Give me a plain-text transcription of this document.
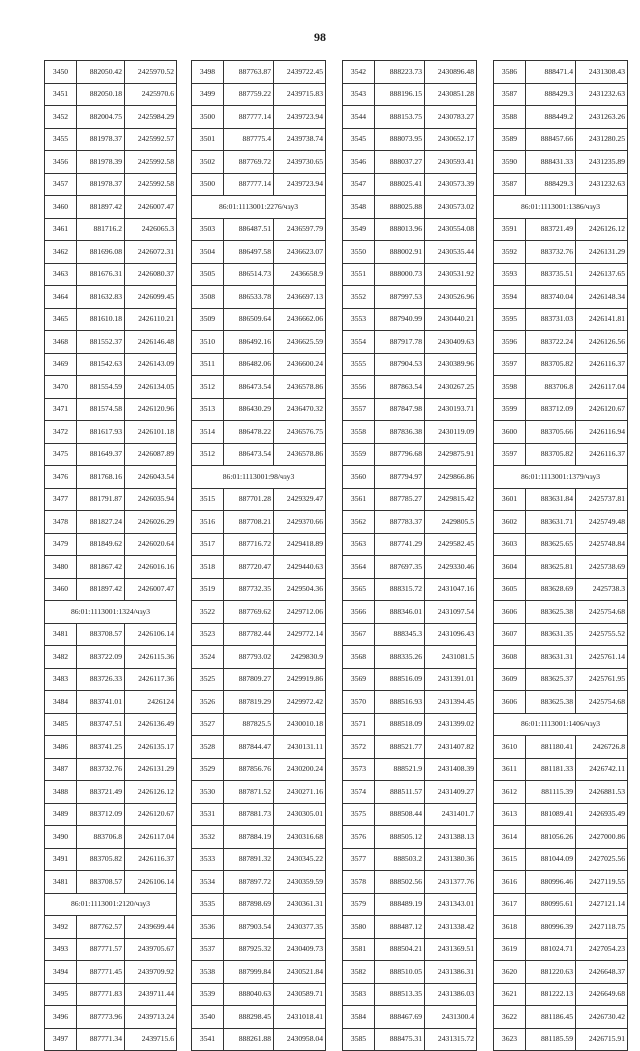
98
3450	882050.42	2425970.52
3451	882050.18	2425970.6
3452	882004.75	2425984.29
3455	881978.37	2425992.57
3456	881978.39	2425992.58
3457	881978.37	2425992.58
3460	881897.42	2426007.47
3461	881716.2	2426065.3
3462	881696.08	2426072.31
3463	881676.31	2426080.37
3464	881632.83	2426099.45
3465	881610.18	2426110.21
3468	881552.37	2426146.48
3469	881542.63	2426143.09
3470	881554.59	2426134.05
3471	881574.58	2426120.96
3472	881617.93	2426101.18
3475	881649.37	2426087.89
3476	881768.16	2426043.54
3477	881791.87	2426035.94
3478	881827.24	2426026.29
3479	881849.62	2426020.64
3480	881867.42	2426016.16
3460	881897.42	2426007.47
86:01:1113001:1324/чзу3		
3481	883708.57	2426106.14
3482	883722.09	2426115.36
3483	883726.33	2426117.36
3484	883741.01	2426124
3485	883747.51	2426136.49
3486	883741.25	2426135.17
3487	883732.76	2426131.29
3488	883721.49	2426126.12
3489	883712.09	2426120.67
3490	883706.8	2426117.04
3491	883705.82	2426116.37
3481	883708.57	2426106.14
86:01:1113001:2120/чзу3		
3492	887762.57	2439699.44
3493	887771.57	2439705.67
3494	887771.45	2439709.92
3495	887771.83	2439711.44
3496	887773.96	2439713.24
3497	887771.34	2439715.6
3498	887763.87	2439722.45
3499	887759.22	2439715.83
3500	887777.14	2439723.94
3501	887775.4	2439738.74
3502	887769.72	2439730.65
3500	887777.14	2439723.94
86:01:1113001:2276/чзу3		
3503	886487.51	2436597.79
3504	886497.58	2436623.07
3505	886514.73	2436658.9
3508	886533.78	2436697.13
3509	886509.64	2436662.06
3510	886492.16	2436625.59
3511	886482.06	2436600.24
3512	886473.54	2436578.86
3513	886430.29	2436470.32
3514	886478.22	2436576.75
3512	886473.54	2436578.86
86:01:1113001:98/чзу3		
3515	887701.28	2429329.47
3516	887708.21	2429370.66
3517	887716.72	2429418.89
3518	887720.47	2429440.63
3519	887732.35	2429504.36
3522	887769.62	2429712.06
3523	887782.44	2429772.14
3524	887793.02	2429830.9
3525	887809.27	2429919.86
3526	887819.29	2429972.42
3527	887825.5	2430010.18
3528	887844.47	2430131.11
3529	887856.76	2430200.24
3530	887871.52	2430271.16
3531	887881.73	2430305.01
3532	887884.19	2430316.68
3533	887891.32	2430345.22
3534	887897.72	2430359.59
3535	887898.69	2430361.31
3536	887903.54	2430377.35
3537	887925.32	2430409.73
3538	887999.84	2430521.84
3539	888040.63	2430589.71
3540	888298.45	2431018.41
3541	888261.88	2430958.04
3542	888223.73	2430896.48
3543	888196.15	2430851.28
3544	888153.75	2430783.27
3545	888073.95	2430652.17
3546	888037.27	2430593.41
3547	888025.41	2430573.39
3548	888025.88	2430573.02
3549	888013.96	2430554.08
3550	888002.91	2430535.44
3551	888000.73	2430531.92
3552	887997.53	2430526.96
3553	887940.99	2430440.21
3554	887917.78	2430409.63
3555	887904.53	2430389.96
3556	887863.54	2430267.25
3557	887847.98	2430193.71
3558	887836.38	2430119.09
3559	887796.68	2429875.91
3560	887794.97	2429866.86
3561	887785.27	2429815.42
3562	887783.37	2429805.5
3563	887741.29	2429582.45
3564	887697.35	2429330.46
3565	888315.72	2431047.16
3566	888346.01	2431097.54
3567	888345.3	2431096.43
3568	888335.26	2431081.5
3569	888516.09	2431391.01
3570	888516.93	2431394.45
3571	888518.09	2431399.02
3572	888521.77	2431407.82
3573	888521.9	2431408.39
3574	888511.57	2431409.27
3575	888508.44	2431401.7
3576	888505.12	2431388.13
3577	888503.2	2431380.36
3578	888502.56	2431377.76
3579	888489.19	2431343.01
3580	888487.12	2431338.42
3581	888504.21	2431369.51
3582	888510.05	2431386.31
3583	888513.35	2431386.03
3584	888467.69	2431300.4
3585	888475.31	2431315.72
3586	888471.4	2431308.43
3587	888429.3	2431232.63
3588	888449.2	2431263.26
3589	888457.66	2431280.25
3590	888431.33	2431235.89
3587	888429.3	2431232.63
86:01:1113001:1386/чзу3		
3591	883721.49	2426126.12
3592	883732.76	2426131.29
3593	883735.51	2426137.65
3594	883740.04	2426148.34
3595	883731.03	2426141.81
3596	883722.24	2426126.56
3597	883705.82	2426116.37
3598	883706.8	2426117.04
3599	883712.09	2426120.67
3600	883705.66	2426116.94
3597	883705.82	2426116.37
86:01:1113001:1379/чзу3		
3601	883631.84	2425737.81
3602	883631.71	2425749.48
3603	883625.65	2425748.84
3604	883625.81	2425738.69
3605	883628.69	2425738.3
3606	883625.38	2425754.68
3607	883631.35	2425755.52
3608	883631.31	2425761.14
3609	883625.37	2425761.95
3606	883625.38	2425754.68
86:01:1113001:1406/чзу3		
3610	881180.41	2426726.8
3611	881181.33	2426742.11
3612	881115.39	2426881.53
3613	881089.41	2426935.49
3614	881056.26	2427000.86
3615	881044.09	2427025.56
3616	880996.46	2427119.55
3617	880995.61	2427121.14
3618	880996.39	2427118.75
3619	881024.71	2427054.23
3620	881220.63	2426648.37
3621	881222.13	2426649.68
3622	881186.45	2426730.42
3623	881185.59	2426715.91
